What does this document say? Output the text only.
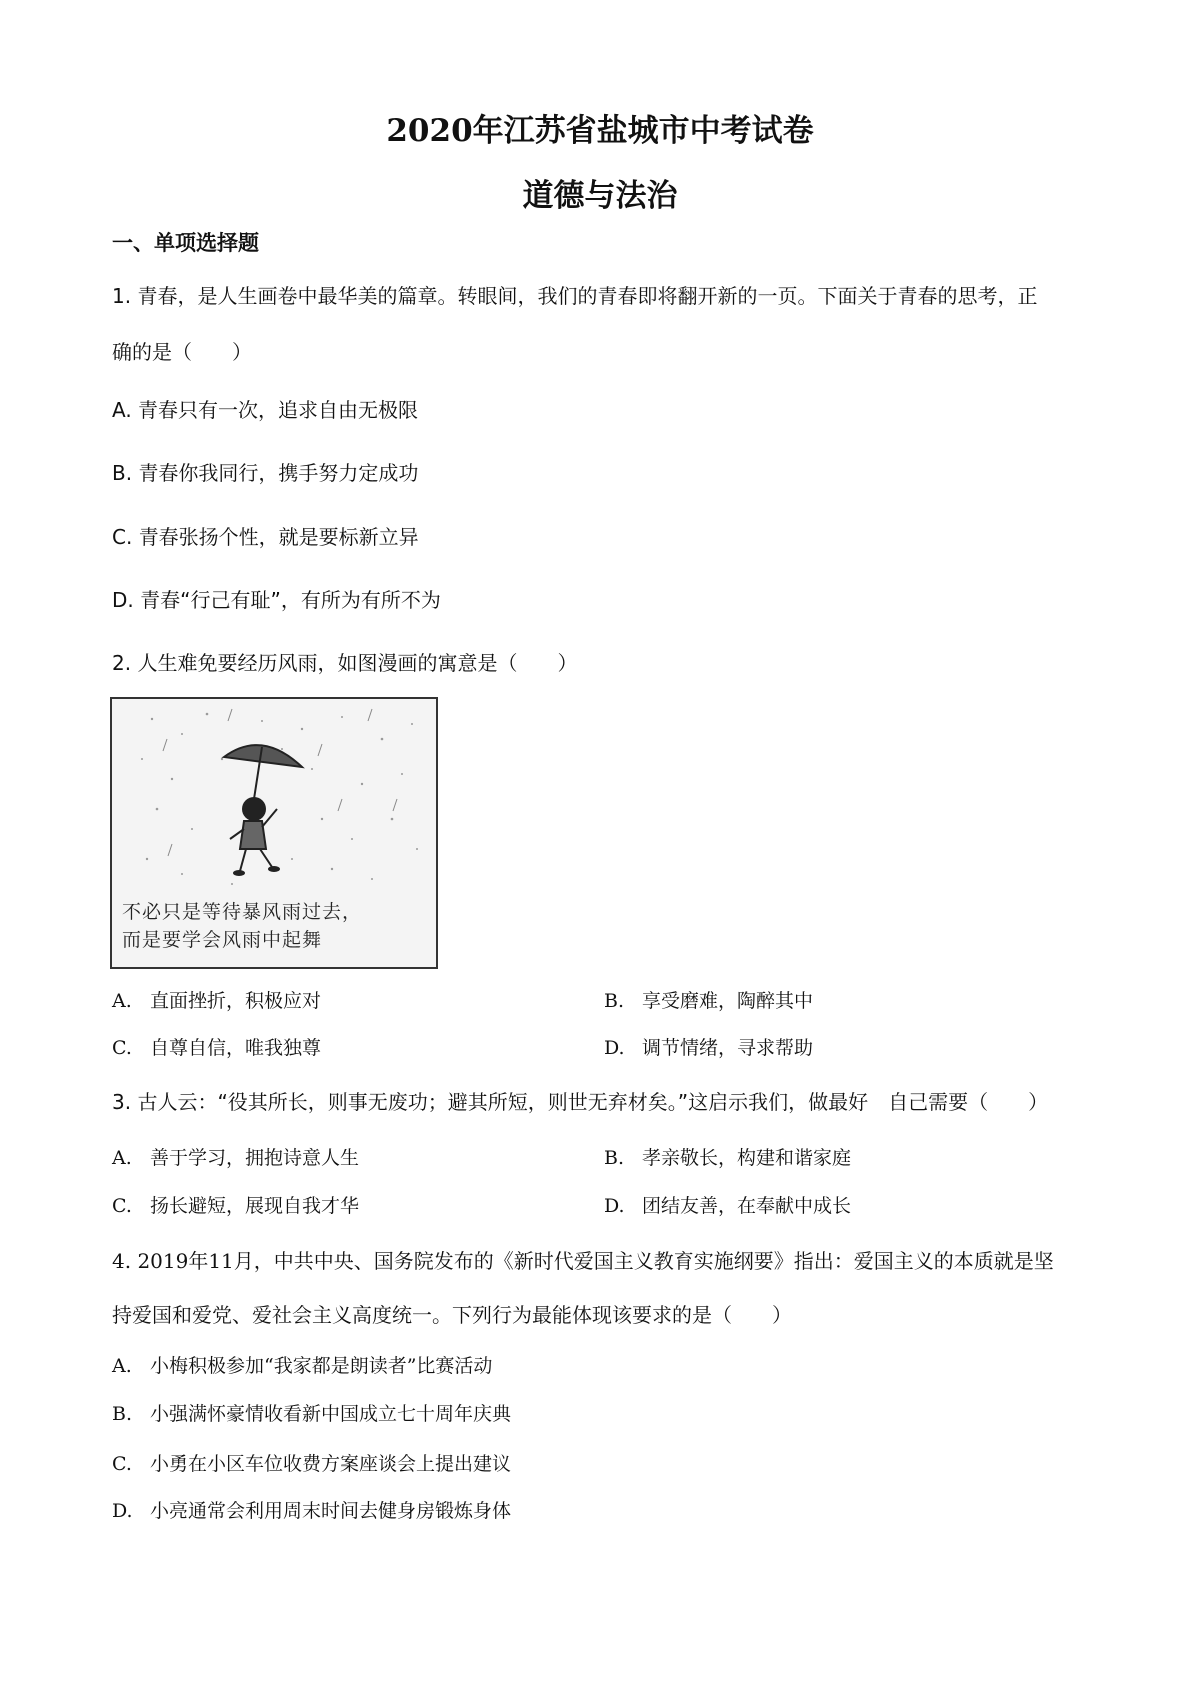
2020年江苏省盐城市中考试卷
道德与法治
一、单项选择题
1. 青春，是人生画卷中最华美的篇章。转眼间，我们的青春即将翻开新的一页。下面关于青春的思考，正
确的是（　　）
A. 青春只有一次，追求自由无极限
B. 青春你我同行，携手努力定成功
C. 青春张扬个性，就是要标新立异
D. 青春“行己有耻”，有所为有所不为
2. 人生难免要经历风雨，如图漫画的寓意是（　　）
不必只是等待暴风雨过去，
而是要学会风雨中起舞
A. 直面挫折，积极应对	B. 享受磨难，陶醉其中
C. 自尊自信，唯我独尊	D. 调节情绪，寻求帮助
3. 古人云：“役其所长，则事无废功；避其所短，则世无弃材矣。”这启示我们，做最好　自己需要（　　）
A. 善于学习，拥抱诗意人生	B. 孝亲敬长，构建和谐家庭
C. 扬长避短，展现自我才华	D. 团结友善，在奉献中成长
4. 2019年11月，中共中央、国务院发布的《新时代爱国主义教育实施纲要》指出：爱国主义的本质就是坚
持爱国和爱党、爱社会主义高度统一。下列行为最能体现该要求的是（　　）
A. 小梅积极参加“我家都是朗读者”比赛活动
B. 小强满怀豪情收看新中国成立七十周年庆典
C. 小勇在小区车位收费方案座谈会上提出建议
D. 小亮通常会利用周末时间去健身房锻炼身体
